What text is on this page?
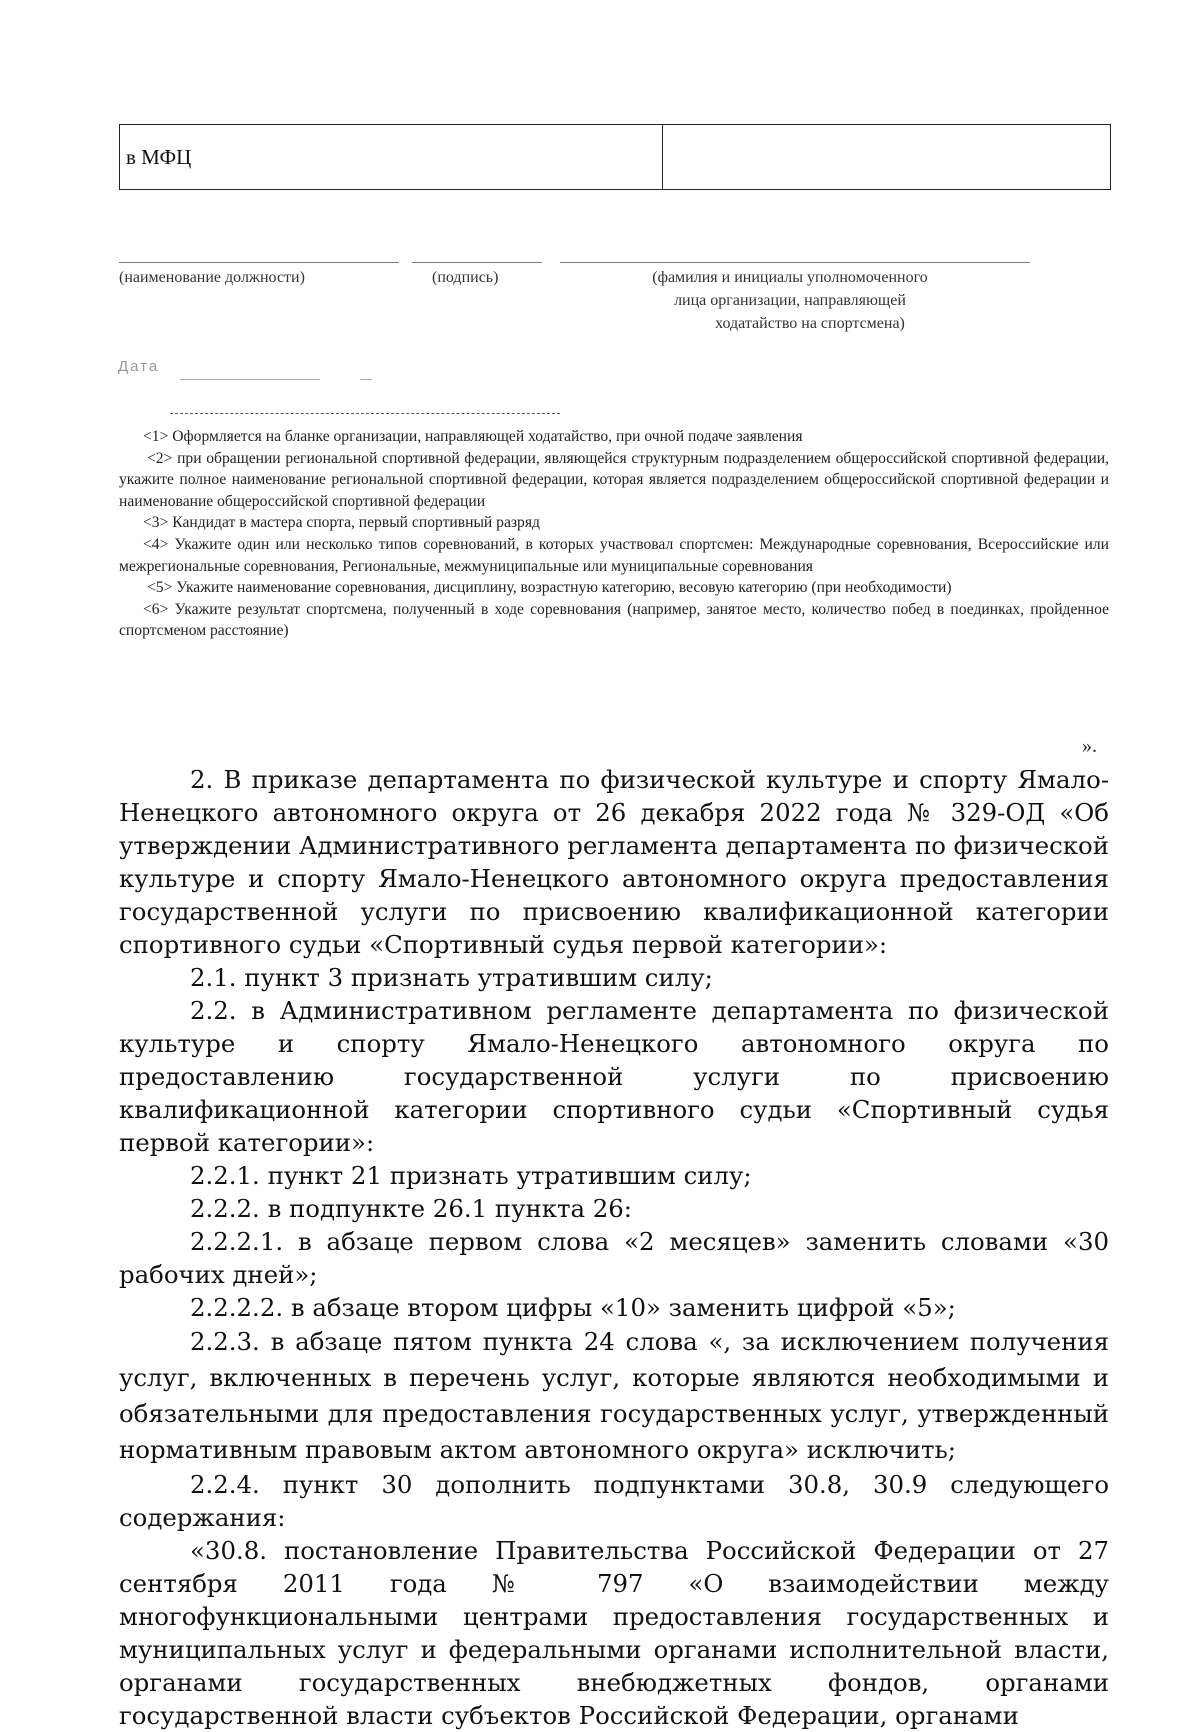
в МФЦ
(наименование должности)	(подпись)	(фамилия и инициалы уполномоченного
лица организации, направляющей
ходатайство на спортсмена)
Дата

<1> Оформляется на бланке организации, направляющей ходатайство, при очной подаче заявления

<2> при обращении региональной спортивной федерации, являющейся структурным подразделением общероссийской спортивной федерации, укажите полное наименование региональной спортивной федерации, которая является подразделением общероссийской спортивной федерации и наименование общероссийской спортивной федерации

<3> Кандидат в мастера спорта, первый спортивный разряд

<4> Укажите один или несколько типов соревнований, в которых участвовал спортсмен: Международные соревнования, Всероссийские или межрегиональные соревнования, Региональные, межмуниципальные или муниципальные соревнования

<5> Укажите наименование соревнования, дисциплину, возрастную категорию, весовую категорию (при необходимости)

<6> Укажите результат спортсмена, полученный в ходе соревнования (например, занятое место, количество побед в поединках, пройденное спортсменом расстояние)

».

2. В приказе департамента по физической культуре и спорту Ямало-Ненецкого автономного округа от 26 декабря 2022 года № 329-ОД «Об утверждении Административного регламента департамента по физической культуре и спорту Ямало-Ненецкого автономного округа предоставления государственной услуги по присвоению квалификационной категории спортивного судьи «Спортивный судья первой категории»:

2.1. пункт 3 признать утратившим силу;

2.2. в Административном регламенте департамента по физической культуре и спорту Ямало-Ненецкого автономного округа по предоставлению государственной услуги по присвоению квалификационной категории спортивного судьи «Спортивный судья первой категории»:

2.2.1. пункт 21 признать утратившим силу;

2.2.2. в подпункте 26.1 пункта 26:

2.2.2.1. в абзаце первом слова «2 месяцев» заменить словами «30 рабочих дней»;

2.2.2.2. в абзаце втором цифры «10» заменить цифрой «5»;

2.2.3. в абзаце пятом пункта 24 слова «, за исключением получения услуг, включенных в перечень услуг, которые являются необходимыми и обязательными для предоставления государственных услуг, утвержденный нормативным правовым актом автономного округа» исключить;

2.2.4. пункт 30 дополнить подпунктами 30.8, 30.9 следующего содержания:

«30.8. постановление Правительства Российской Федерации от 27 сентября 2011 года № 797 «О взаимодействии между многофункциональными центрами предоставления государственных и муниципальных услуг и федеральными органами исполнительной власти, органами государственных внебюджетных фондов, органами государственной власти субъектов Российской Федерации, органами
